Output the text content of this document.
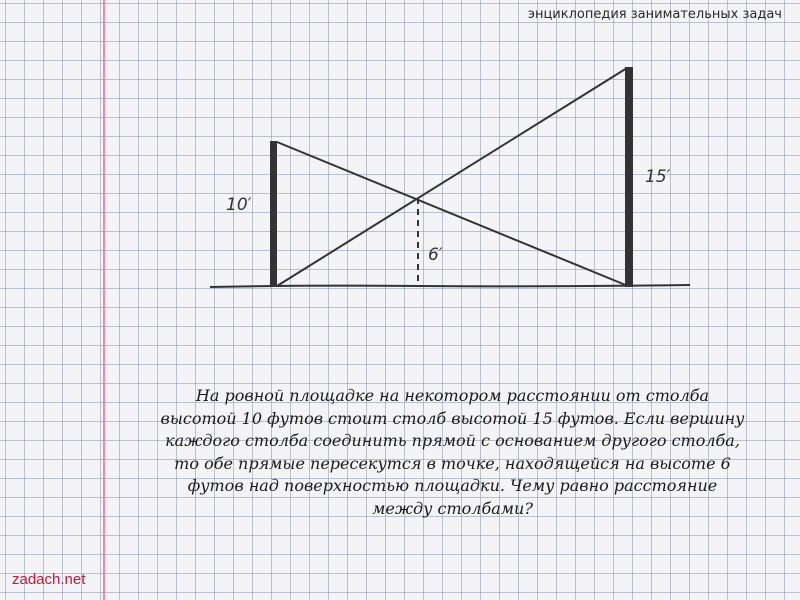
энциклопедия занимательных задач
10′
15′
6′

На ровной площадке на некотором расстоянии от столба
высотой 10 футов стоит столб высотой 15 футов. Если вершину
каждого столба соединить прямой с основанием другого столба,
то обе прямые пересекутся в точке, находящейся на высоте 6
футов над поверхностью площадки. Чему равно расстояние
между столбами?

zadach.net
